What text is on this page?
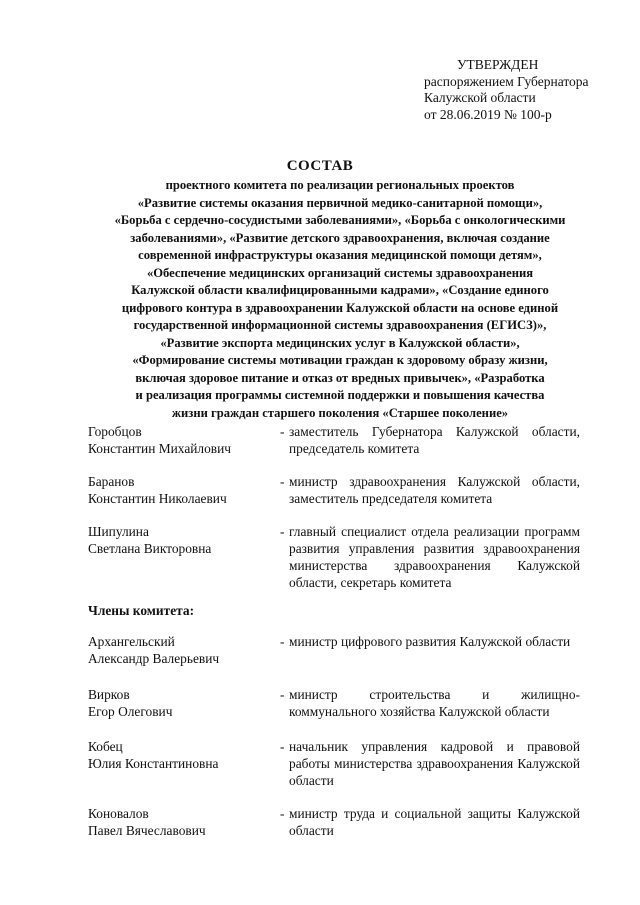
УТВЕРЖДЕН
распоряжением Губернатора
Калужской области
от 28.06.2019 № 100-р
СОСТАВ
проектного комитета по реализации региональных проектов
«Развитие системы оказания первичной медико-санитарной помощи»,
«Борьба с сердечно-сосудистыми заболеваниями», «Борьба с онкологическими
заболеваниями», «Развитие детского здравоохранения, включая создание
современной инфраструктуры оказания медицинской помощи детям»,
«Обеспечение медицинских организаций системы здравоохранения
Калужской области квалифицированными кадрами», «Создание единого
цифрового контура в здравоохранении Калужской области на основе единой
государственной информационной системы здравоохранения (ЕГИСЗ)»,
«Развитие экспорта медицинских услуг в Калужской области»,
«Формирование системы мотивации граждан к здоровому образу жизни,
включая здоровое питание и отказ от вредных привычек», «Разработка
и реализация программы системной поддержки и повышения качества
жизни граждан старшего поколения «Старшее поколение»
Горобцов
Константин Михайлович
- заместитель Губернатора Калужской области, председатель комитета
Баранов
Константин Николаевич
- министр здравоохранения Калужской области, заместитель председателя комитета
Шипулина
Светлана Викторовна
- главный специалист отдела реализации программ развития управления развития здравоохранения министерства здравоохранения Калужской области, секретарь комитета
Члены комитета:
Архангельский
Александр Валерьевич
- министр цифрового развития Калужской области
Вирков
Егор Олегович
- министр строительства и жилищно-коммунального хозяйства Калужской области
Кобец
Юлия Константиновна
- начальник управления кадровой и правовой работы министерства здравоохранения Калужской области
Коновалов
Павел Вячеславович
- министр труда и социальной защиты Калужской области
